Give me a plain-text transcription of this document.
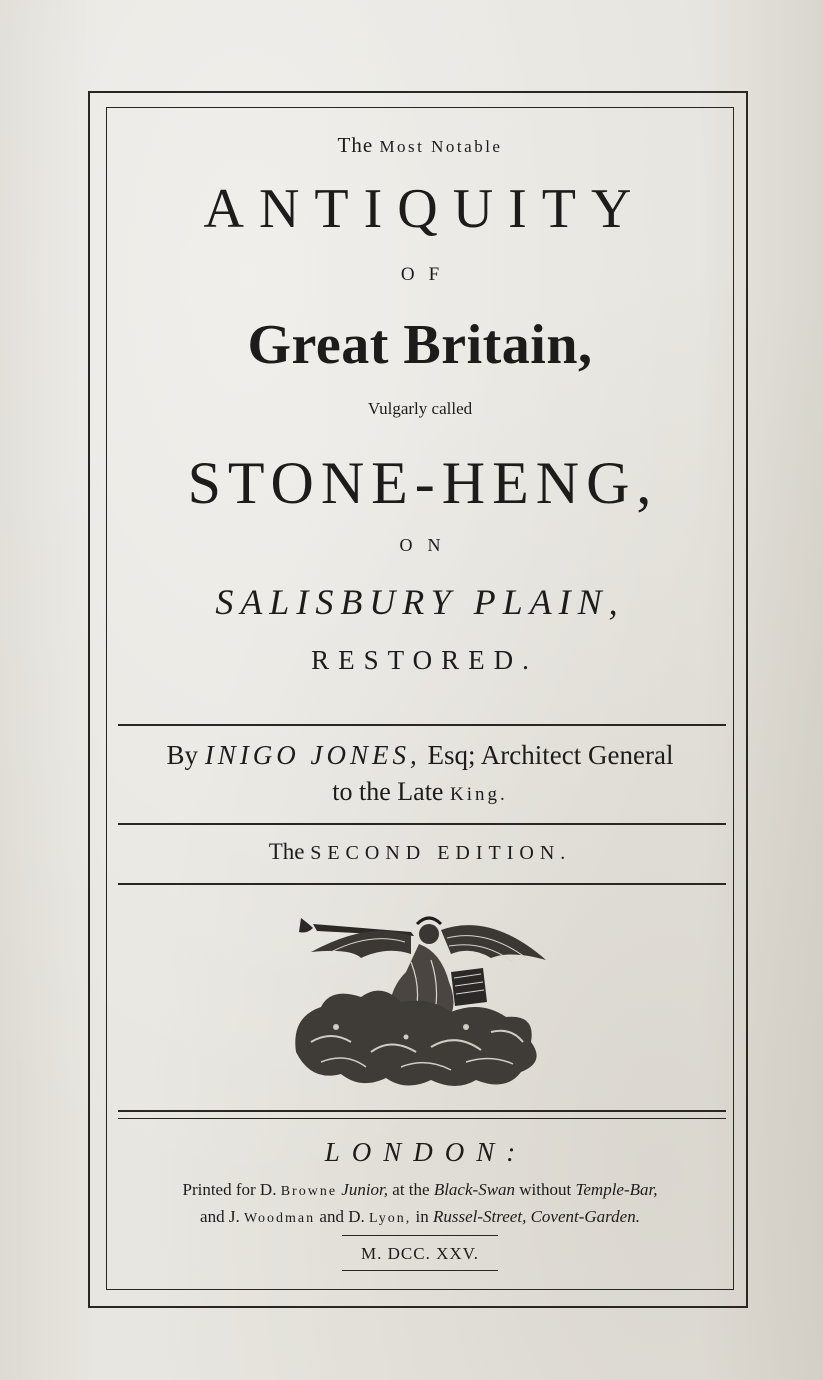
The Most Notable
ANTIQUITY
OF
Great Britain,
Vulgarly called
STONE-HENG,
ON
SALISBURY PLAIN,
RESTORED.
By INIGO JONES, Esq; Architect General
to the Late King.
The SECOND EDITION.
LONDON:
Printed for D. Browne Junior, at the Black-Swan without Temple-Bar,
and J. Woodman and D. Lyon, in Russel-Street, Covent-Garden.
M. DCC. XXV.
